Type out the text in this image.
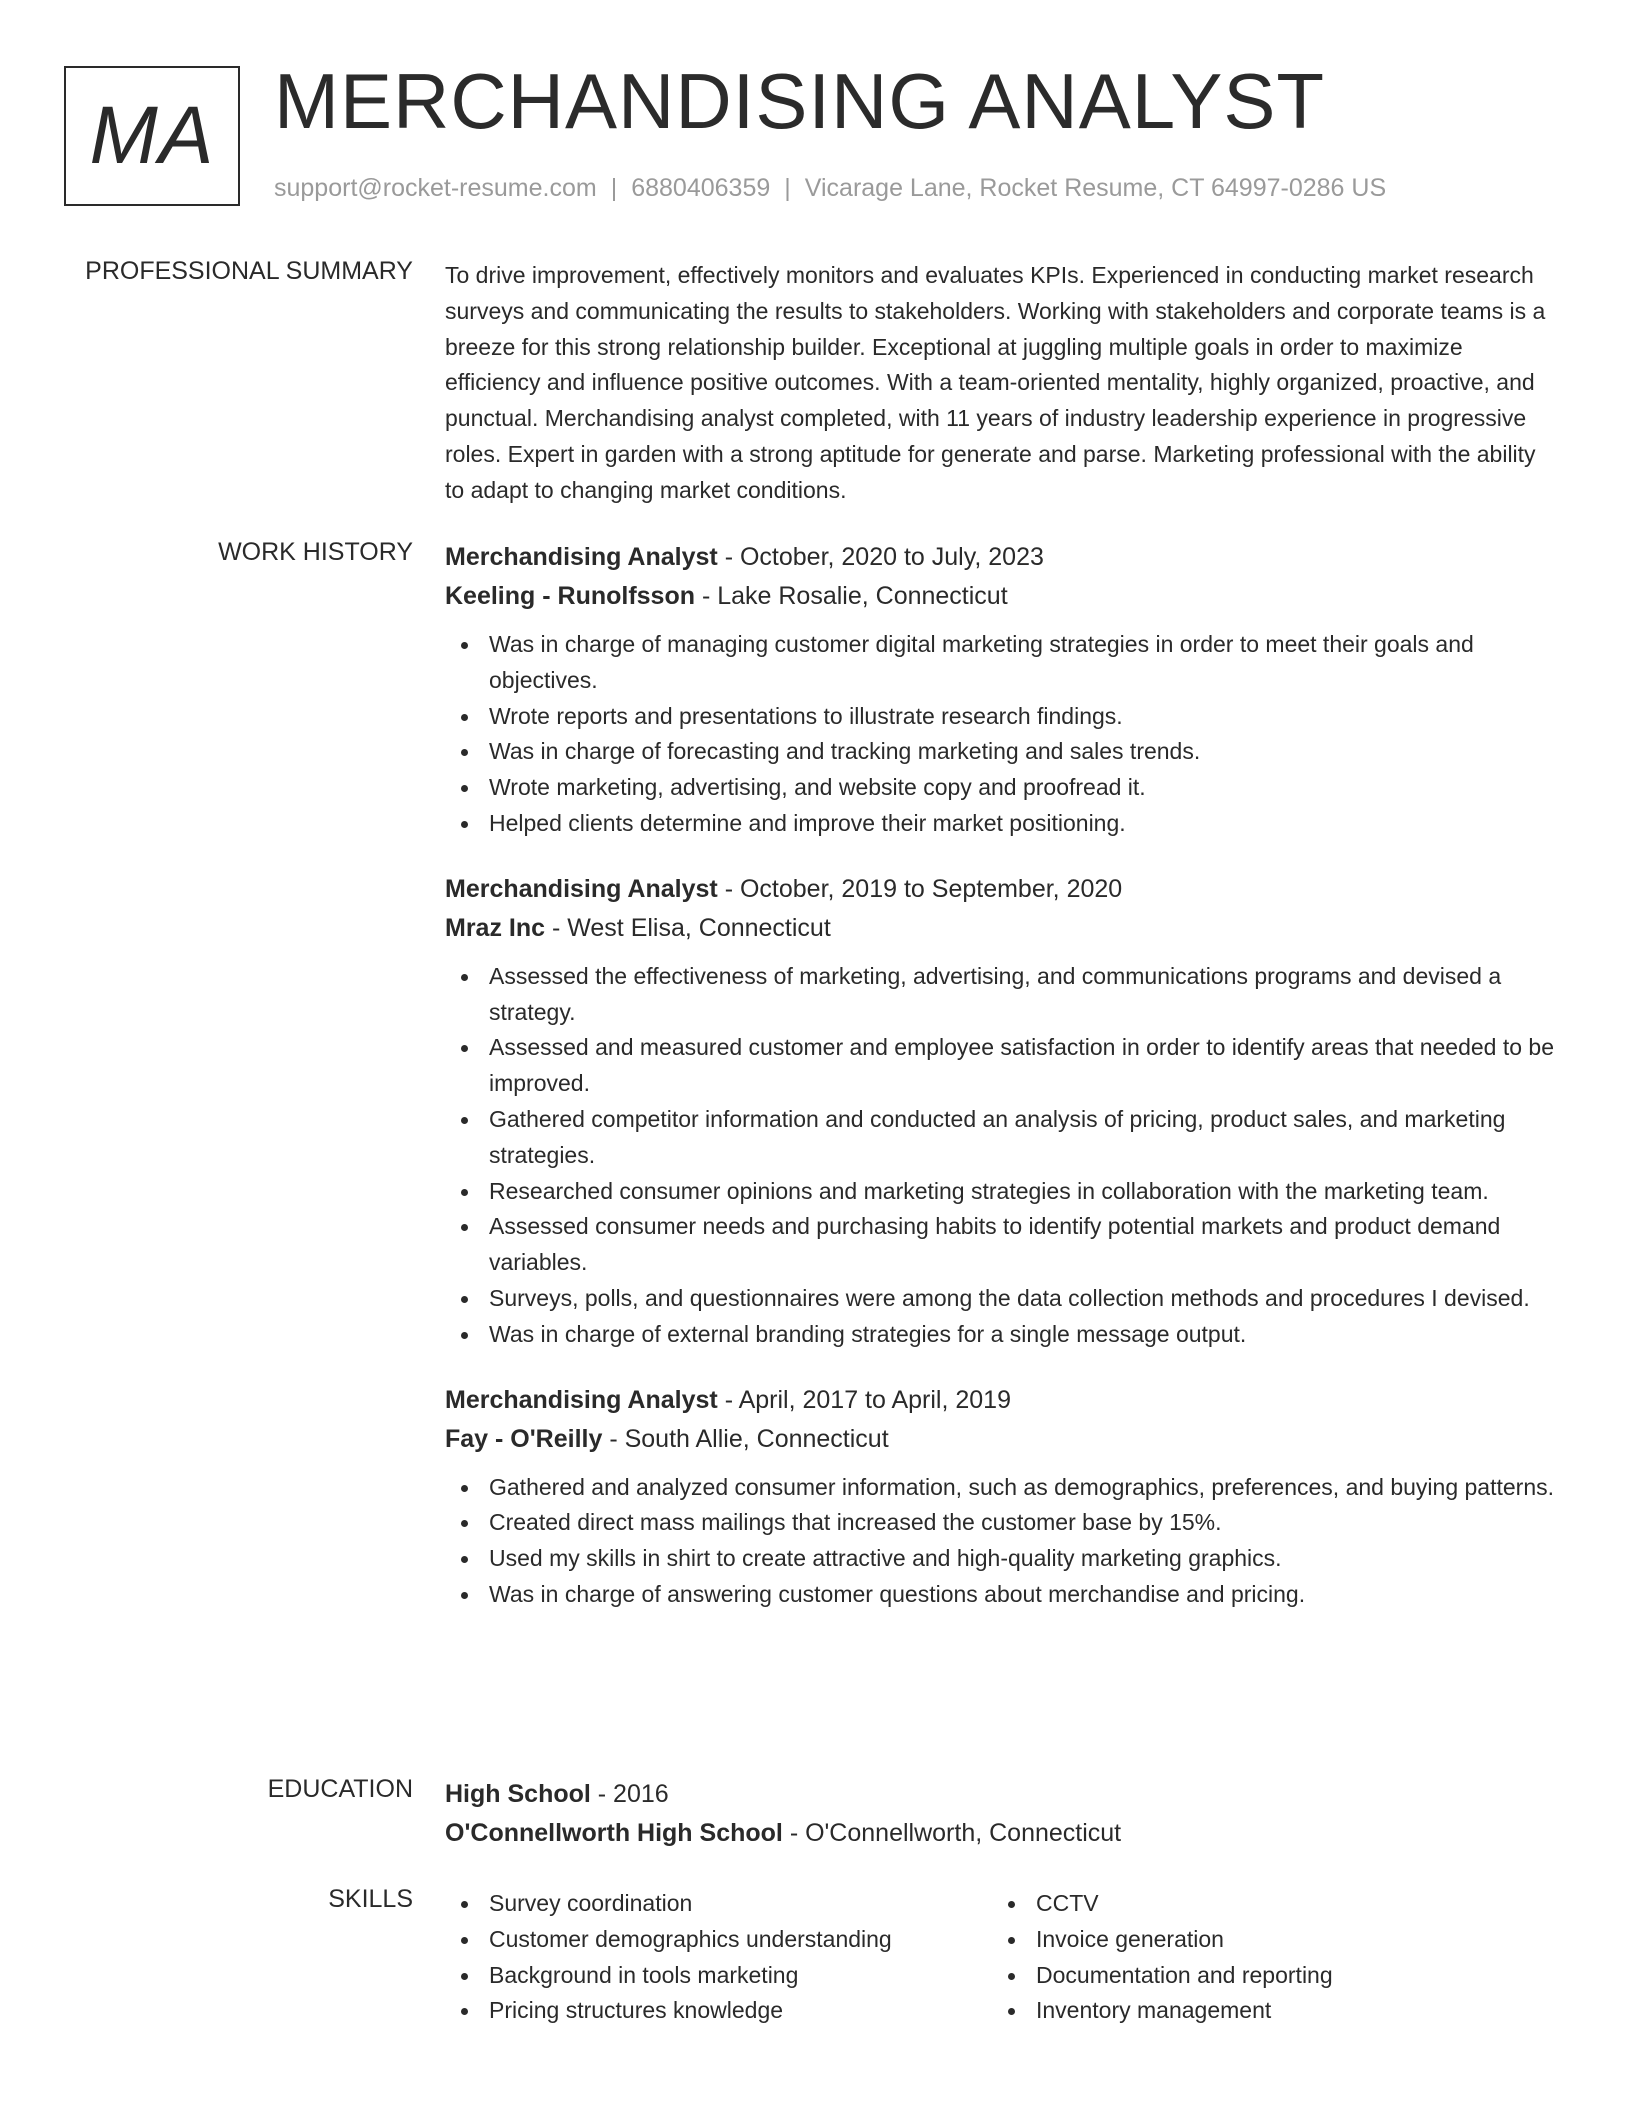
MA MERCHANDISING ANALYST
support@rocket-resume.com | 6880406359 | Vicarage Lane, Rocket Resume, CT 64997-0286 US
PROFESSIONAL SUMMARY To drive improvement, effectively monitors and evaluates KPIs. Experienced in conducting market research surveys and communicating the results to stakeholders. Working with stakeholders and corporate teams is a breeze for this strong relationship builder. Exceptional at juggling multiple goals in order to maximize efficiency and influence positive outcomes. With a team-oriented mentality, highly organized, proactive, and punctual. Merchandising analyst completed, with 11 years of industry leadership experience in progressive roles. Expert in garden with a strong aptitude for generate and parse. Marketing professional with the ability to adapt to changing market conditions.

WORK HISTORY Merchandising Analyst - October, 2020 to July, 2023
Keeling - Runolfsson - Lake Rosalie, Connecticut
Was in charge of managing customer digital marketing strategies in order to meet their goals and objectives.
Wrote reports and presentations to illustrate research findings.
Was in charge of forecasting and tracking marketing and sales trends.
Wrote marketing, advertising, and website copy and proofread it.
Helped clients determine and improve their market positioning.
Merchandising Analyst - October, 2019 to September, 2020
Mraz Inc - West Elisa, Connecticut
Assessed the effectiveness of marketing, advertising, and communications programs and devised a strategy.
Assessed and measured customer and employee satisfaction in order to identify areas that needed to be improved.
Gathered competitor information and conducted an analysis of pricing, product sales, and marketing strategies.
Researched consumer opinions and marketing strategies in collaboration with the marketing team.
Assessed consumer needs and purchasing habits to identify potential markets and product demand variables.
Surveys, polls, and questionnaires were among the data collection methods and procedures I devised.
Was in charge of external branding strategies for a single message output.
Merchandising Analyst - April, 2017 to April, 2019
Fay - O'Reilly - South Allie, Connecticut
Gathered and analyzed consumer information, such as demographics, preferences, and buying patterns.
Created direct mass mailings that increased the customer base by 15%.
Used my skills in shirt to create attractive and high-quality marketing graphics.
Was in charge of answering customer questions about merchandise and pricing.
EDUCATION High School - 2016
O'Connellworth High School - O'Connellworth, Connecticut
SKILLS	Survey coordination
Customer demographics understanding
Background in tools marketing
Pricing structures knowledge
CCTV
Invoice generation
Documentation and reporting
Inventory management
